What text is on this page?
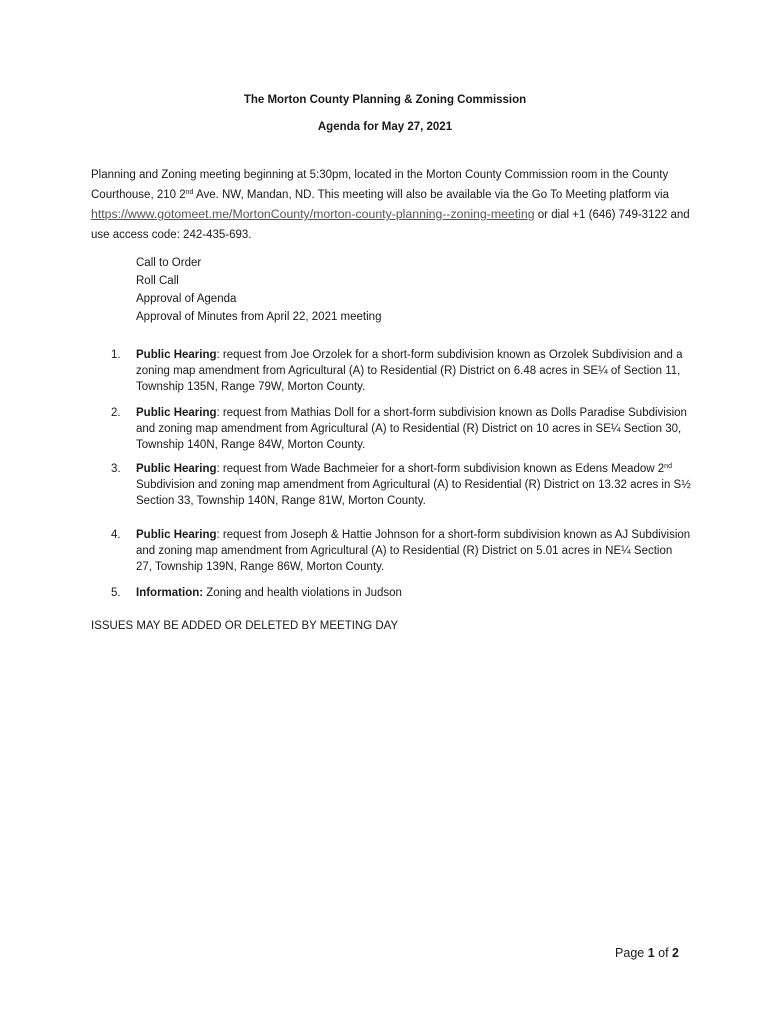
The Morton County Planning & Zoning Commission
Agenda for May 27, 2021
Planning and Zoning meeting beginning at 5:30pm, located in the Morton County Commission room in the County Courthouse, 210 2nd Ave. NW, Mandan, ND. This meeting will also be available via the Go To Meeting platform via https://www.gotomeet.me/MortonCounty/morton-county-planning--zoning-meeting or dial +1 (646) 749-3122 and use access code: 242-435-693.
Call to Order
Roll Call
Approval of Agenda
Approval of Minutes from April 22, 2021 meeting
1. Public Hearing: request from Joe Orzolek for a short-form subdivision known as Orzolek Subdivision and a zoning map amendment from Agricultural (A) to Residential (R) District on 6.48 acres in SE¼ of Section 11, Township 135N, Range 79W, Morton County.
2. Public Hearing: request from Mathias Doll for a short-form subdivision known as Dolls Paradise Subdivision and zoning map amendment from Agricultural (A) to Residential (R) District on 10 acres in SE¼ Section 30, Township 140N, Range 84W, Morton County.
3. Public Hearing: request from Wade Bachmeier for a short-form subdivision known as Edens Meadow 2nd Subdivision and zoning map amendment from Agricultural (A) to Residential (R) District on 13.32 acres in S½ Section 33, Township 140N, Range 81W, Morton County.
4. Public Hearing: request from Joseph & Hattie Johnson for a short-form subdivision known as AJ Subdivision and zoning map amendment from Agricultural (A) to Residential (R) District on 5.01 acres in NE¼ Section 27, Township 139N, Range 86W, Morton County.
5. Information: Zoning and health violations in Judson
ISSUES MAY BE ADDED OR DELETED BY MEETING DAY
Page 1 of 2
